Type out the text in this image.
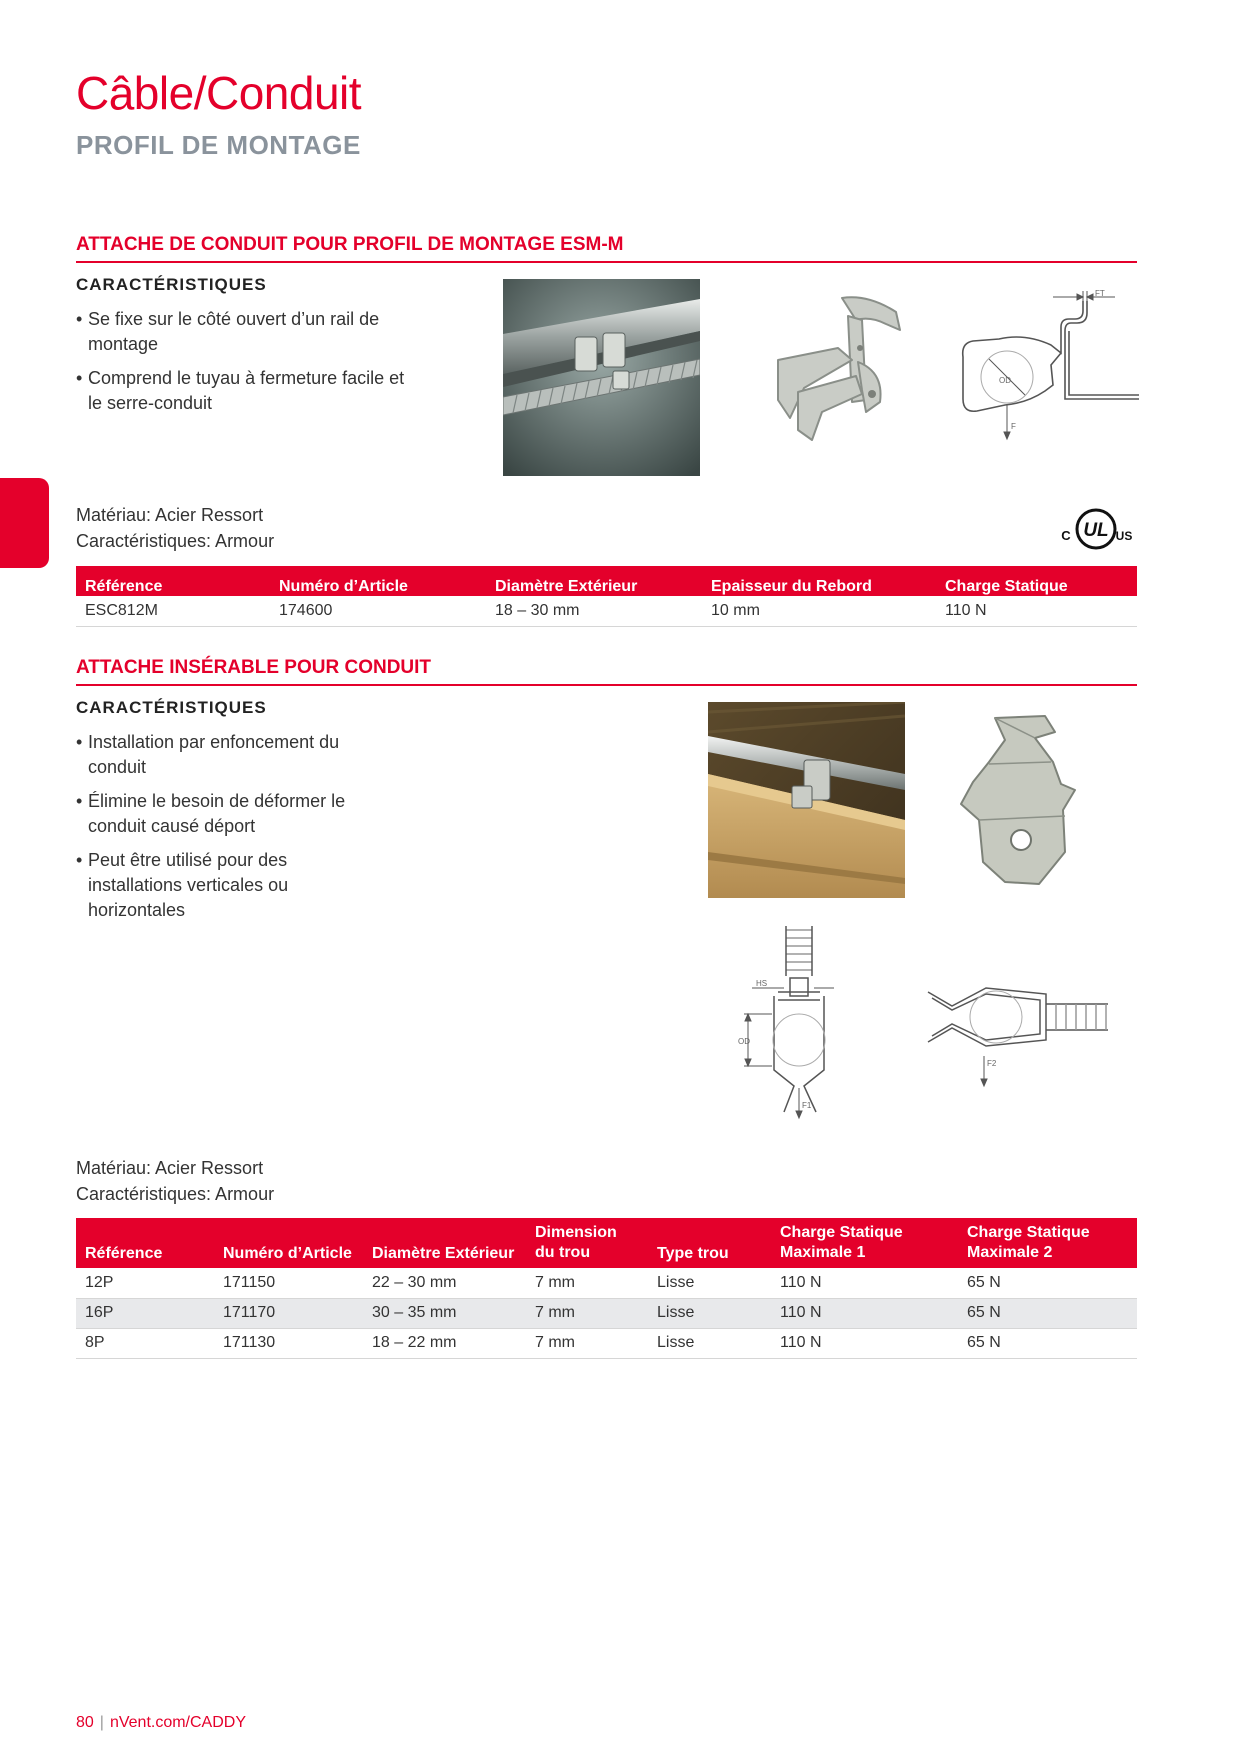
Câble/Conduit
PROFIL DE MONTAGE
ATTACHE DE CONDUIT POUR PROFIL DE MONTAGE ESM-M
CARACTÉRISTIQUES
• Se fixe sur le côté ouvert d’un rail de montage
• Comprend le tuyau à fermeture facile et le serre-conduit
FT
OD
F
Matériau: Acier Ressort
Caractéristiques: Armour	UL
C	US
Référence	Numéro d’Article	Diamètre Extérieur	Epaisseur du Rebord	Charge Statique
ESC812M	174600	18 – 30 mm	10 mm	110 N
ATTACHE INSÉRABLE POUR CONDUIT
CARACTÉRISTIQUES
• Installation par enfoncement du conduit
• Élimine le besoin de déformer le conduit causé déport
• Peut être utilisé pour des installations verticales ou horizontales
HS
OD
F1
F2
Matériau: Acier Ressort
Caractéristiques: Armour
Référence	Numéro d’Article	Diamètre Extérieur	Dimension du trou	Type trou	Charge Statique Maximale 1	Charge Statique Maximale 2
12P	171150	22 – 30 mm	7 mm	Lisse	110 N	65 N
16P	171170	30 – 35 mm	7 mm	Lisse	110 N	65 N
8P	171130	18 – 22 mm	7 mm	Lisse	110 N	65 N
80 | nVent.com/CADDY
